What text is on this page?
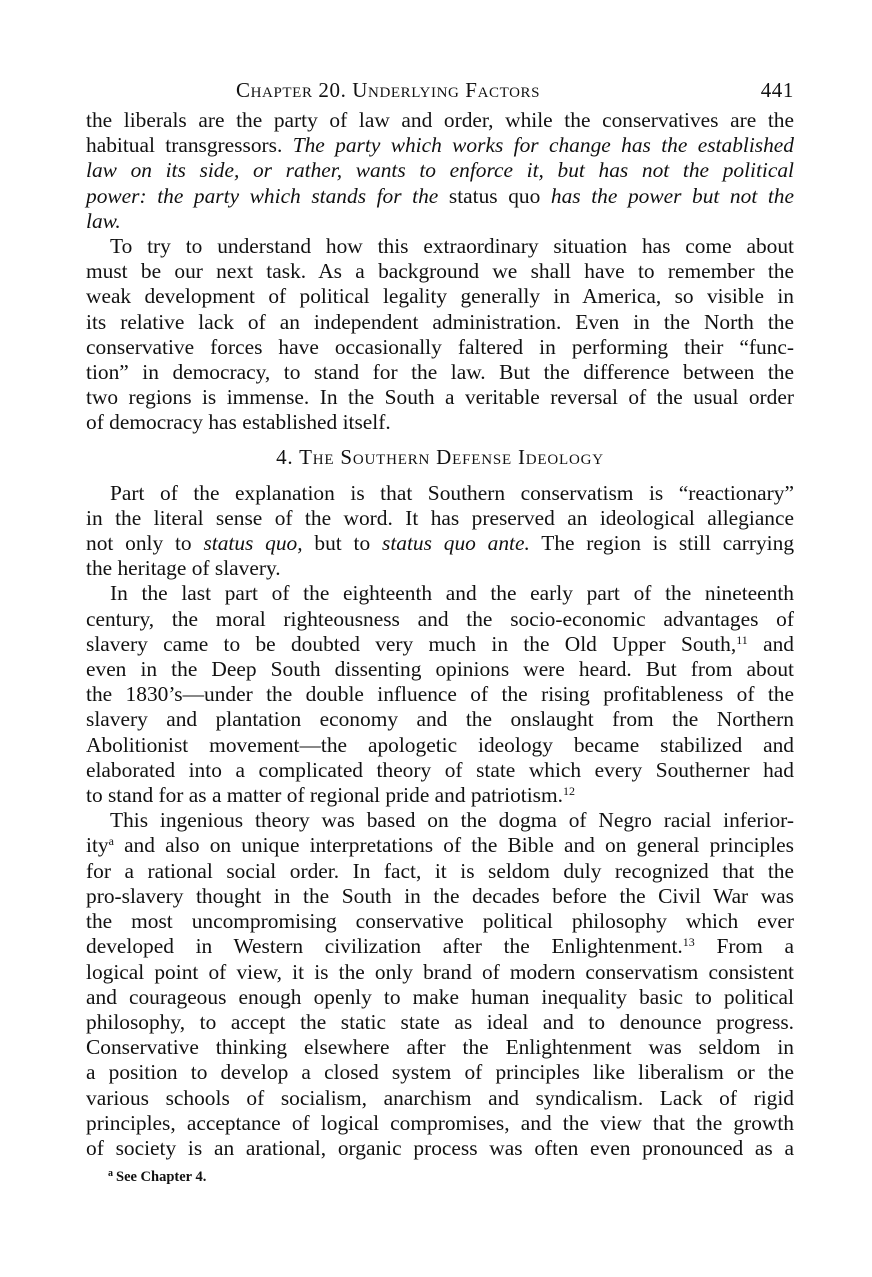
Chapter 20. Underlying Factors	441

the liberals are the party of law and order, while the conservatives are the
habitual transgressors. The party which works for change has the established
law on its side, or rather, wants to enforce it, but has not the political
power: the party which stands for the status quo has the power but not the
law.

To try to understand how this extraordinary situation has come about
must be our next task. As a background we shall have to remember the
weak development of political legality generally in America, so visible in
its relative lack of an independent administration. Even in the North the
conservative forces have occasionally faltered in performing their “func-
tion” in democracy, to stand for the law. But the difference between the
two regions is immense. In the South a veritable reversal of the usual order
of democracy has established itself.

4. The Southern Defense Ideology

Part of the explanation is that Southern conservatism is “reactionary”
in the literal sense of the word. It has preserved an ideological allegiance
not only to status quo, but to status quo ante. The region is still carrying
the heritage of slavery.

In the last part of the eighteenth and the early part of the nineteenth
century, the moral righteousness and the socio-economic advantages of
slavery came to be doubted very much in the Old Upper South,$^{11}$ and
even in the Deep South dissenting opinions were heard. But from about
the 1830’s—under the double influence of the rising profitableness of the
slavery and plantation economy and the onslaught from the Northern
Abolitionist movement—the apologetic ideology became stabilized and
elaborated into a complicated theory of state which every Southerner had
to stand for as a matter of regional pride and patriotism.$^{12}$

This ingenious theory was based on the dogma of Negro racial inferior-
ity$^a$ and also on unique interpretations of the Bible and on general principles
for a rational social order. In fact, it is seldom duly recognized that the
pro-slavery thought in the South in the decades before the Civil War was
the most uncompromising conservative political philosophy which ever
developed in Western civilization after the Enlightenment.$^{13}$ From a
logical point of view, it is the only brand of modern conservatism consistent
and courageous enough openly to make human inequality basic to political
philosophy, to accept the static state as ideal and to denounce progress.
Conservative thinking elsewhere after the Enlightenment was seldom in
a position to develop a closed system of principles like liberalism or the
various schools of socialism, anarchism and syndicalism. Lack of rigid
principles, acceptance of logical compromises, and the view that the growth
of society is an arational, organic process was often even pronounced as a

$^a$ See Chapter 4.
